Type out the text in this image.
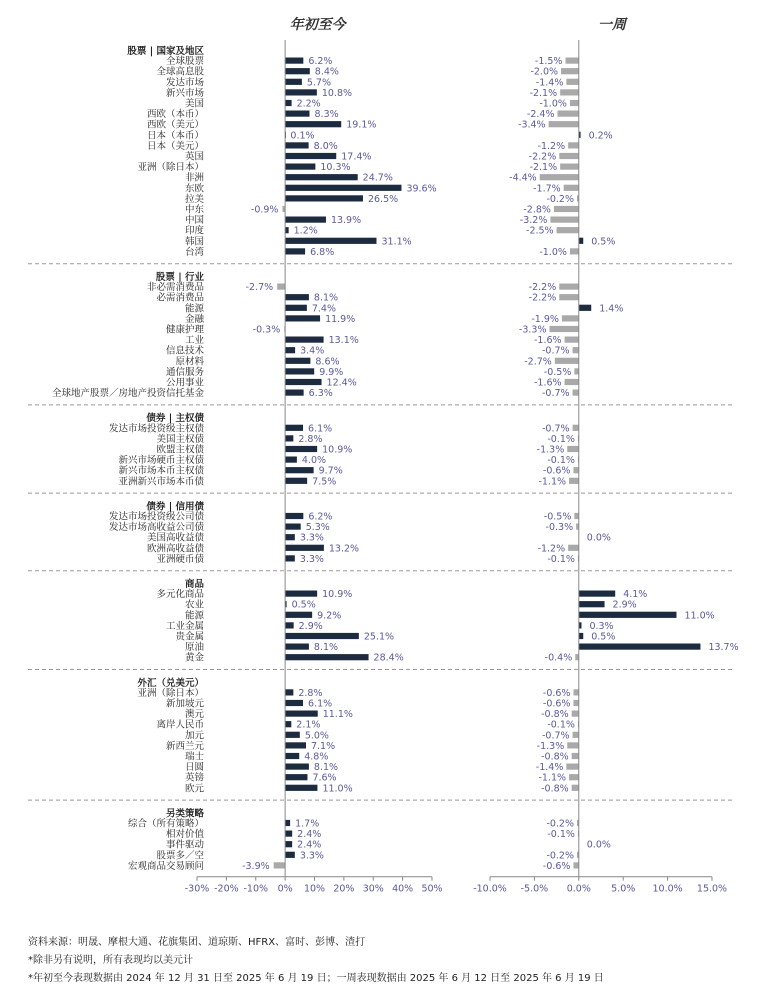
年初至今	一周
股票 | 国家及地区
全球股票	6.2%	-1.5%
全球高息股	8.4%	-2.0%
发达市场	5.7%	-1.4%
新兴市场	10.8%	-2.1%
美国	2.2%	-1.0%
西欧（本币）	8.3%	-2.4%
西欧（美元）	19.1%	-3.4%
日本（本币）	0.1%	0.2%
日本（美元）	8.0%	-1.2%
英国	17.4%	-2.2%
亚洲（除日本）	10.3%	-2.1%
非洲	24.7%	-4.4%
东欧	39.6%	-1.7%
拉美	26.5%	-0.2%
中东	-0.9%	-2.8%
中国	13.9%	-3.2%
印度	1.2%	-2.5%
韩国	31.1%	0.5%
台湾	6.8%	-1.0%
股票 | 行业
非必需消费品	-2.7%	-2.2%
必需消费品	8.1%	-2.2%
能源	7.4%	1.4%
金融	11.9%	-1.9%
健康护理	-0.3%	-3.3%
工业	13.1%	-1.6%
信息技术	3.4%	-0.7%
原材料	8.6%	-2.7%
通信服务	9.9%	-0.5%
公用事业	12.4%	-1.6%
全球地产股票／房地产投资信托基金	6.3%	-0.7%
债券 | 主权债
发达市场投资级主权债	6.1%	-0.7%
美国主权债	2.8%	-0.1%
欧盟主权债	10.9%	-1.3%
新兴市场硬币主权债	4.0%	-0.1%
新兴市场本币主权债	9.7%	-0.6%
亚洲新兴市场本币债	7.5%	-1.1%
债券 | 信用债
发达市场投资级公司债	6.2%	-0.5%
发达市场高收益公司债	5.3%	-0.3%
美国高收益债	3.3%	0.0%
欧洲高收益债	13.2%	-1.2%
亚洲硬币债	3.3%	-0.1%
商品
多元化商品	10.9%	4.1%
农业	0.5%	2.9%
能源	9.2%	11.0%
工业金属	2.9%	0.3%
贵金属	25.1%	0.5%
原油	8.1%	13.7%
黄金	28.4%	-0.4%
外汇（兑美元）
亚洲（除日本）	2.8%	-0.6%
新加坡元	6.1%	-0.6%
澳元	11.1%	-0.8%
离岸人民币	2.1%	-0.1%
加元	5.0%	-0.7%
新西兰元	7.1%	-1.3%
瑞士	4.8%	-0.8%
日圆	8.1%	-1.4%
英镑	7.6%	-1.1%
欧元	11.0%	-0.8%
另类策略
综合（所有策略）	1.7%	-0.2%
相对价值	2.4%	-0.1%
事件驱动	2.4%	0.0%
股票多／空	3.3%	-0.2%
宏观商品交易顾问	-3.9%	-0.6%
-30% -20% -10% 0% 10% 20% 30% 40% 50%	-10.0% -5.0% 0.0% 5.0% 10.0% 15.0%
资料来源：明晟、摩根大通、花旗集团、道琼斯、HFRX、富时、彭博、渣打
*除非另有说明，所有表现均以美元计
*年初至今表现数据由 2024 年 12 月 31 日至 2025 年 6 月 19 日；一周表现数据由 2025 年 6 月 12 日至 2025 年 6 月 19 日
